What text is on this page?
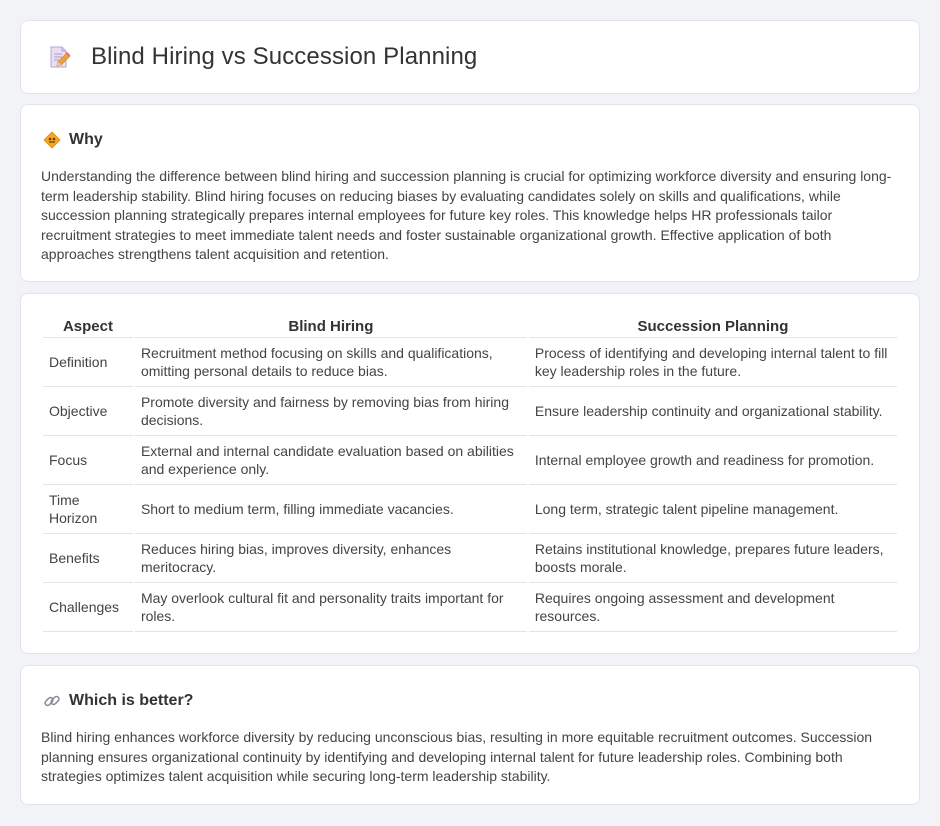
Blind Hiring vs Succession Planning
Why

Understanding the difference between blind hiring and succession planning is crucial for optimizing workforce diversity and ensuring long-term leadership stability. Blind hiring focuses on reducing biases by evaluating candidates solely on skills and qualifications, while succession planning strategically prepares internal employees for future key roles. This knowledge helps HR professionals tailor recruitment strategies to meet immediate talent needs and foster sustainable organizational growth. Effective application of both approaches strengthens talent acquisition and retention.

Aspect	Blind Hiring	Succession Planning
Definition	Recruitment method focusing on skills and qualifications, omitting personal details to reduce bias.	Process of identifying and developing internal talent to fill key leadership roles in the future.
Objective	Promote diversity and fairness by removing bias from hiring decisions.	Ensure leadership continuity and organizational stability.
Focus	External and internal candidate evaluation based on abilities and experience only.	Internal employee growth and readiness for promotion.
Time Horizon	Short to medium term, filling immediate vacancies.	Long term, strategic talent pipeline management.
Benefits	Reduces hiring bias, improves diversity, enhances meritocracy.	Retains institutional knowledge, prepares future leaders, boosts morale.
Challenges	May overlook cultural fit and personality traits important for roles.	Requires ongoing assessment and development resources.
Which is better?

Blind hiring enhances workforce diversity by reducing unconscious bias, resulting in more equitable recruitment outcomes. Succession planning ensures organizational continuity by identifying and developing internal talent for future leadership roles. Combining both strategies optimizes talent acquisition while securing long-term leadership stability.
